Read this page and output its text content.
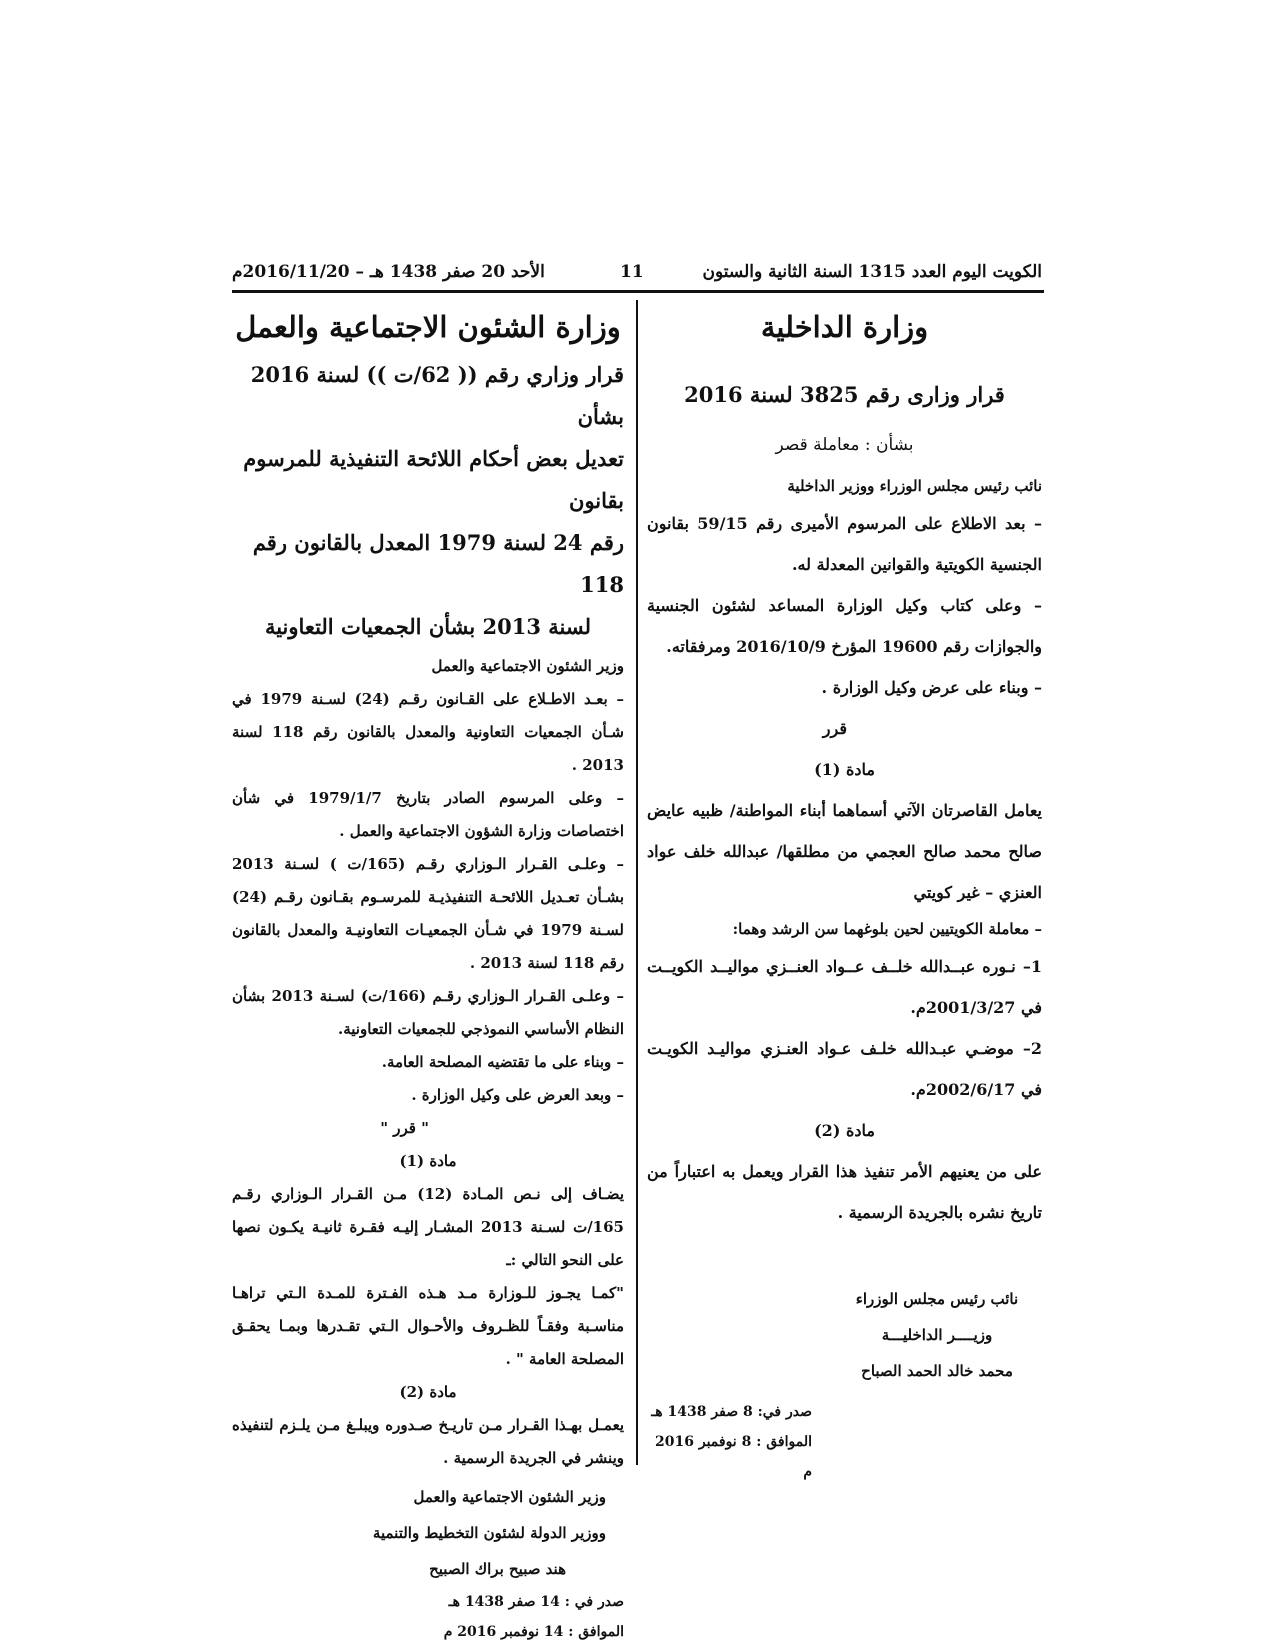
الكويت اليوم العدد 1315 السنة الثانية والستون
11
الأحد 20 صفر 1438 هـ – 2016/11/20م

وزارة الداخلية

قرار وزارى رقم 3825 لسنة 2016

بشأن : معاملة قصر

نائب رئيس مجلس الوزراء ووزير الداخلية

– بعد الاطلاع على المرسوم الأميرى رقم 59/15 بقانون الجنسية الكويتية والقوانين المعدلة له.

– وعلى كتاب وكيل الوزارة المساعد لشئون الجنسية والجوازات رقم 19600 المؤرخ 2016/10/9 ومرفقاته.

– وبناء على عرض وكيل الوزارة .

قرر

مادة (1)

يعامل القاصرتان الآتي أسماهما أبناء المواطنة/ ظبيه عايض صالح محمد صالح العجمي من مطلقها/ عبدالله خلف عواد العنزي – غير كويتي

– معاملة الكويتيين لحين بلوغهما سن الرشد وهما:

1– نـوره عبــدالله خلــف عــواد العنــزي مواليــد الكويــت في 2001/3/27م.

2– موضـي عبـدالله خلـف عـواد العنـزي مواليـد الكويـت في 2002/6/17م.

مادة (2)

على من يعنيهم الأمر تنفيذ هذا القرار ويعمل به اعتباراً من تاريخ نشره بالجريدة الرسمية .

نائب رئيس مجلس الوزراء

وزيــــر الداخليـــة

محمد خالد الحمد الصباح

صدر في: 8 صفر 1438 هـ

الموافق : 8 نوفمبر 2016 م

وزارة الشئون الاجتماعية والعمل

قرار وزاري رقم (( 62/ت )) لسنة 2016 بشأن

تعديل بعض أحكام اللائحة التنفيذية للمرسوم بقانون

رقم 24 لسنة 1979 المعدل بالقانون رقم 118

لسنة 2013 بشأن الجمعيات التعاونية

وزير الشئون الاجتماعية والعمل

– بعـد الاطـلاع على القـانون رقـم (24) لسـنة 1979 في شـأن الجمعيات التعاونية والمعدل بالقانون رقم 118 لسنة 2013 .

– وعلى المرسوم الصادر بتاريخ 1979/1/7 في شأن اختصاصات وزارة الشؤون الاجتماعية والعمل .

– وعلـى القـرار الـوزاري رقـم (165/ت ) لسـنة 2013 بشـأن تعـديل اللائحـة التنفيذيـة للمرسـوم بقـانون رقـم (24) لسـنة 1979 في شـأن الجمعيـات التعاونيـة والمعدل بالقانون رقم 118 لسنة 2013 .

– وعلـى القـرار الـوزاري رقـم (166/ت) لسـنة 2013 بشأن النظام الأساسي النموذجي للجمعيات التعاونية.

– وبناء على ما تقتضيه المصلحة العامة.

– وبعد العرض على وكيل الوزارة .

" قرر "

مادة (1)

يضـاف إلى نـص المـادة (12) مـن القـرار الـوزاري رقـم 165/ت لسـنة 2013 المشـار إليـه فقـرة ثانيـة يكـون نصها على النحو التالي :ـ

"كمـا يجـوز للـوزارة مـد هـذه الفـترة للمـدة الـتي تراهـا مناسـبة وفقـاً للظـروف والأحـوال الـتي تقـدرها وبمـا يحقـق المصلحة العامة " .

مادة (2)

يعمـل بهـذا القـرار مـن تاريـخ صـدوره ويبلـغ مـن يلـزم لتنفيذه وينشر في الجريدة الرسمية .

وزير الشئون الاجتماعية والعمل

ووزير الدولة لشئون التخطيط والتنمية

هند صبيح براك الصبيح

صدر في : 14 صفر 1438 هـ

الموافق : 14 نوفمبر 2016 م
